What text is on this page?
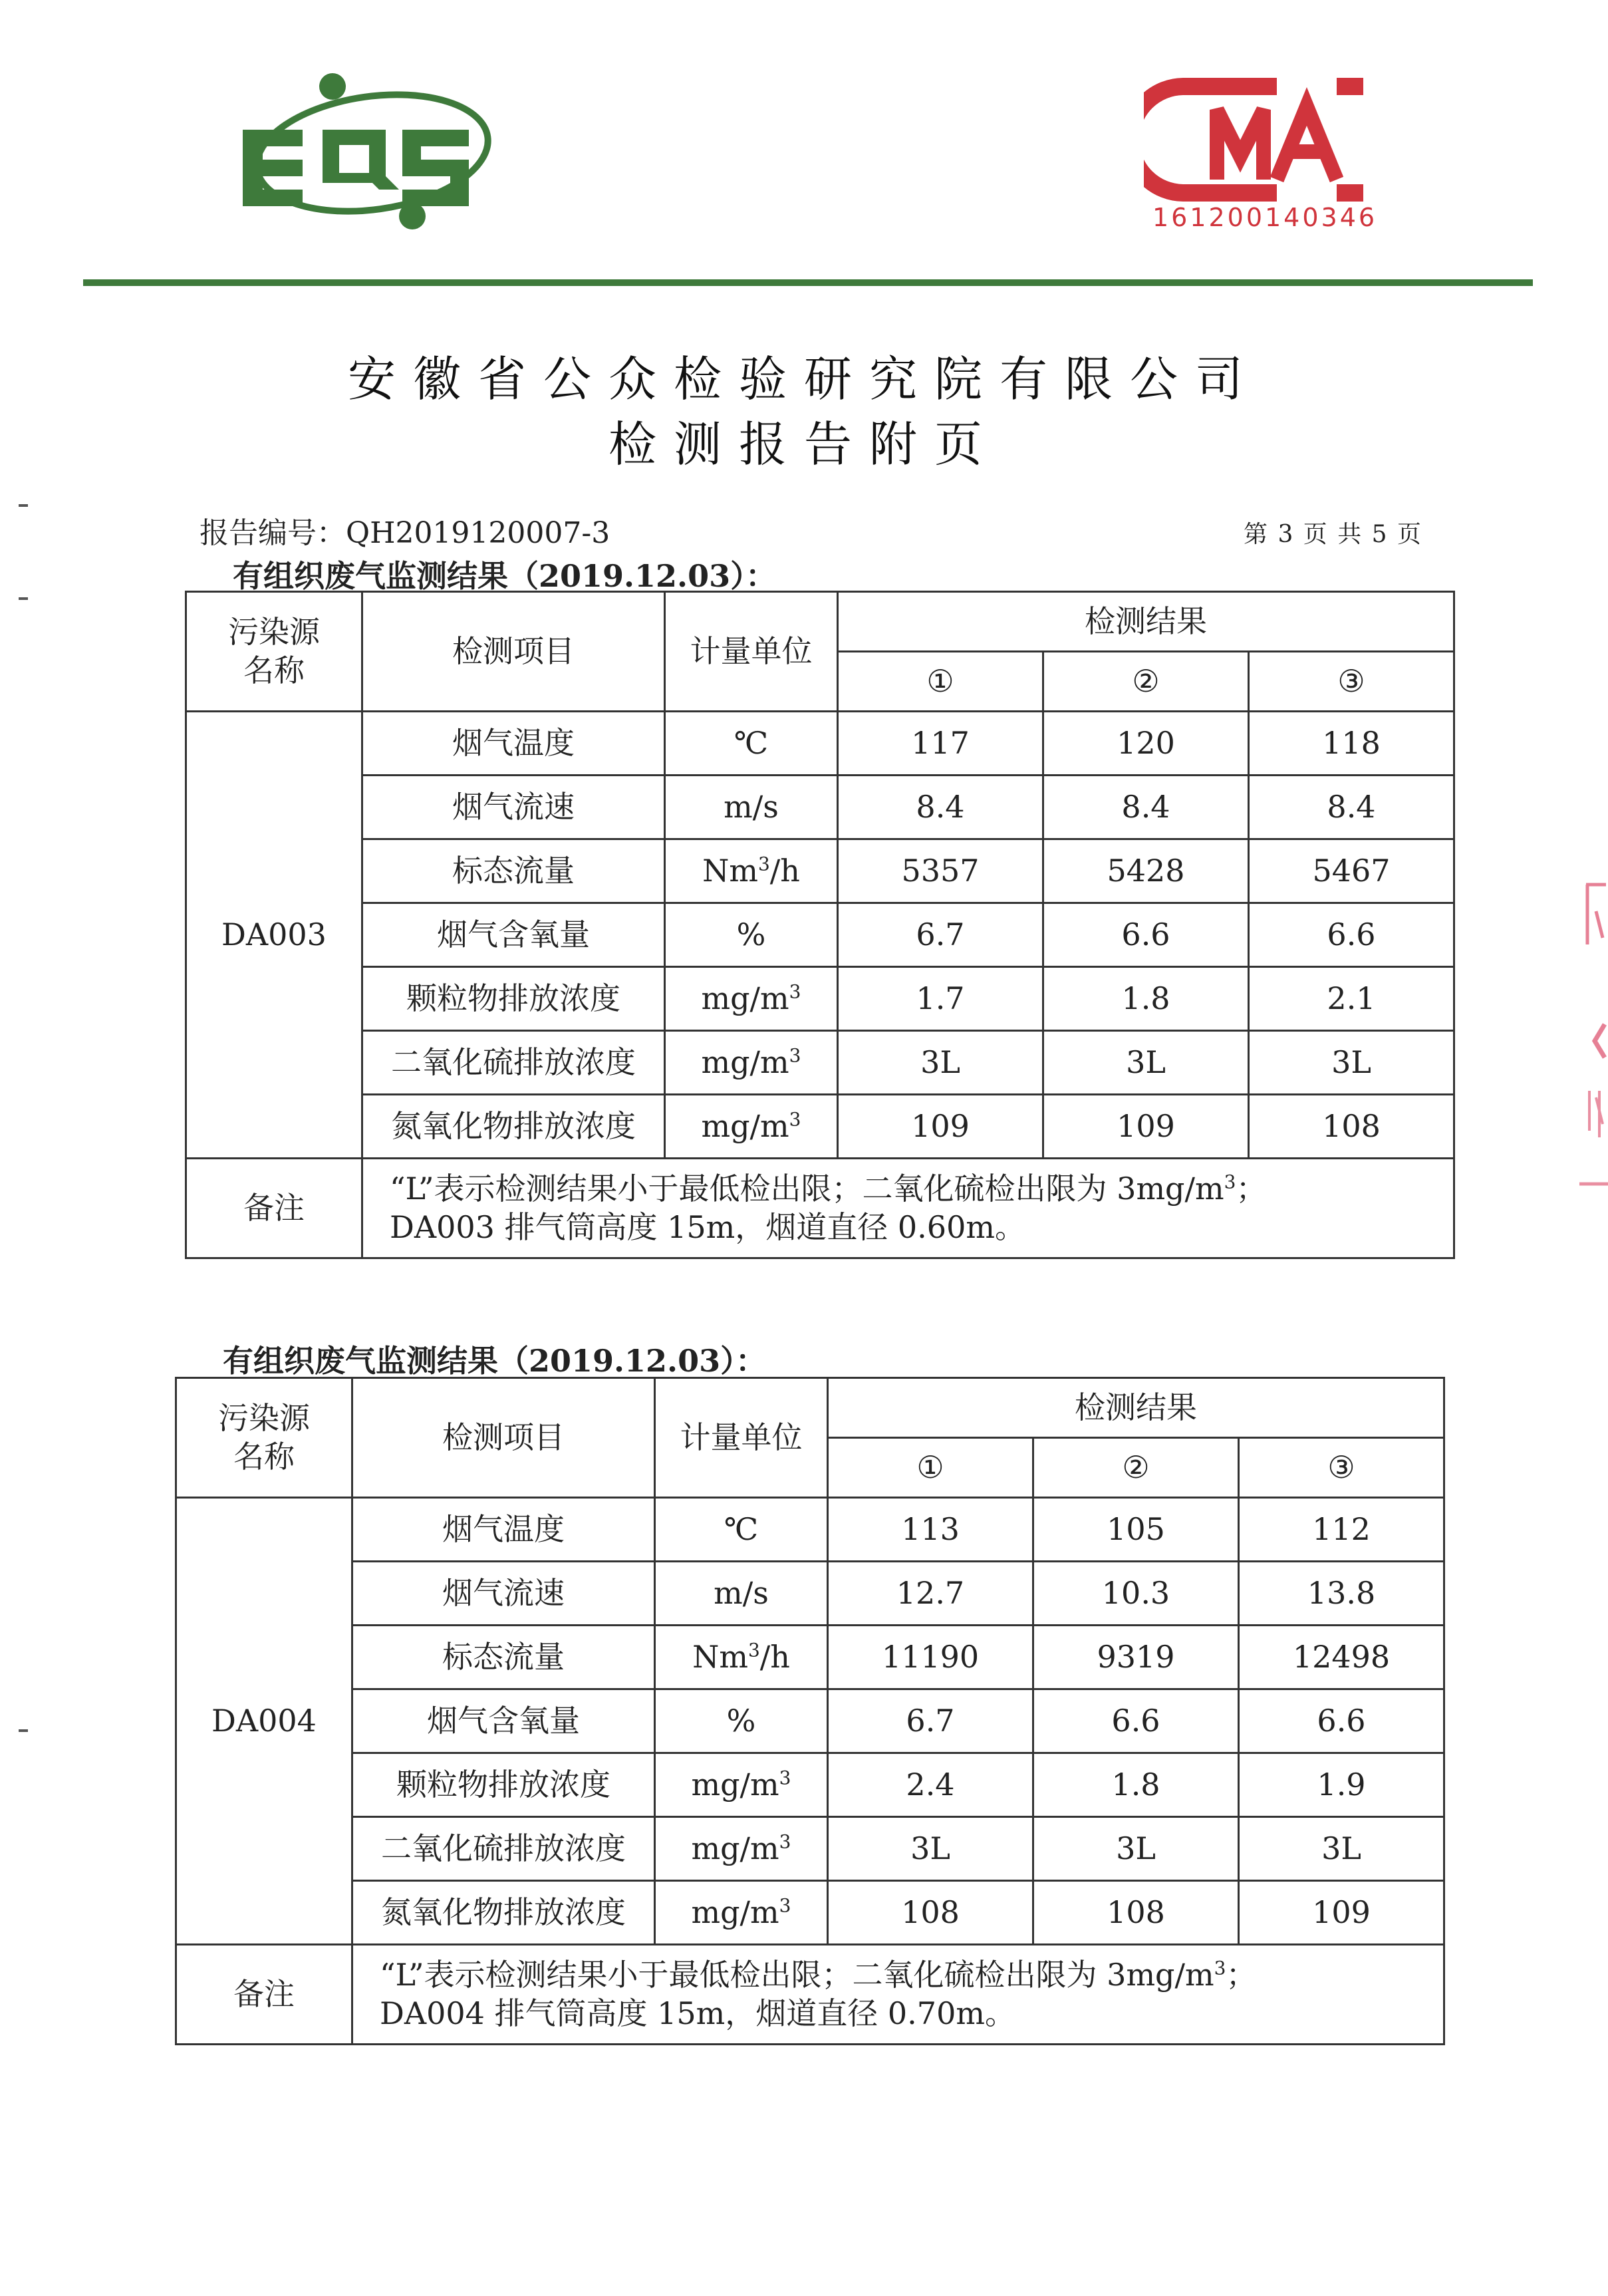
161200140346
安徽省公众检验研究院有限公司
检测报告附页
报告编号：QH2019120007-3	第 3 页 共 5 页
有组织废气监测结果（2019.12.03）：
污染源
名称	检测项目	计量单位	检测结果		
			①	②	③
DA003	烟气温度	℃	117	120	118
	烟气流速	m/s	8.4	8.4	8.4
	标态流量	Nm$^3$/h	5357	5428	5467
	烟气含氧量	%	6.7	6.6	6.6
	颗粒物排放浓度	$mg/m^3$	1.7	1.8	2.1
	二氧化硫排放浓度	$mg/m^3$	3L	3L	3L
	氮氧化物排放浓度	$mg/m^3$	109	109	108
备注	“L”表示检测结果小于最低检出限；二氧化硫检出限为 $3mg/m^3$；
DA003 排气筒高度 15m，烟道直径 0.60m。				
有组织废气监测结果（2019.12.03）：
污染源
名称	检测项目	计量单位	检测结果		
			①	②	③
DA004	烟气温度	℃	113	105	112
	烟气流速	m/s	12.7	10.3	13.8
	标态流量	Nm$^3$/h	11190	9319	12498
	烟气含氧量	%	6.7	6.6	6.6
	颗粒物排放浓度	$mg/m^3$	2.4	1.8	1.9
	二氧化硫排放浓度	$mg/m^3$	3L	3L	3L
	氮氧化物排放浓度	$mg/m^3$	108	108	109
备注	“L”表示检测结果小于最低检出限；二氧化硫检出限为 $3mg/m^3$；
DA004 排气筒高度 15m，烟道直径 0.70m。				
